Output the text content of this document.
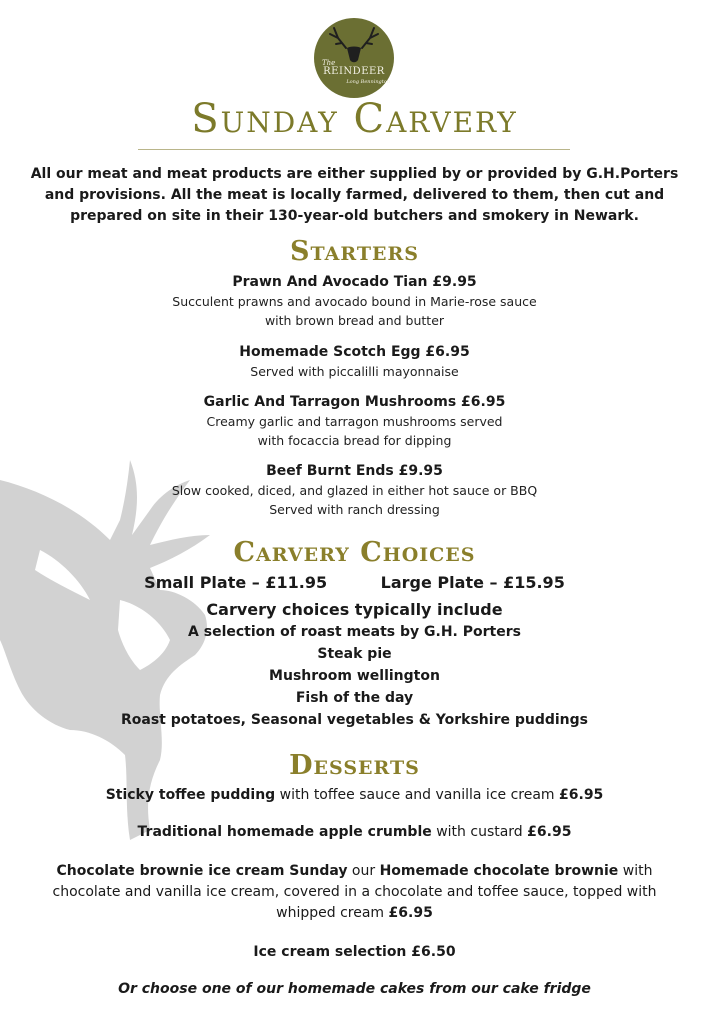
The
REINDEER
Long Bennington
Sunday Carvery
All our meat and meat products are either supplied by or provided by G.H.Porters and provisions. All the meat is locally farmed, delivered to them, then cut and prepared on site in their 130-year-old butchers and smokery in Newark.
Starters
Prawn And Avocado Tian £9.95
Succulent prawns and avocado bound in Marie-rose sauce
with brown bread and butter
Homemade Scotch Egg £6.95
Served with piccalilli mayonnaise
Garlic And Tarragon Mushrooms £6.95
Creamy garlic and tarragon mushrooms served
with focaccia bread for dipping
Beef Burnt Ends £9.95
Slow cooked, diced, and glazed in either hot sauce or BBQ
Served with ranch dressing
Carvery Choices
Small Plate – £11.95	Large Plate – £15.95
Carvery choices typically include
A selection of roast meats by G.H. Porters
Steak pie
Mushroom wellington
Fish of the day
Roast potatoes, Seasonal vegetables & Yorkshire puddings
Desserts
Sticky toffee pudding with toffee sauce and vanilla ice cream £6.95
Traditional homemade apple crumble with custard £6.95
Chocolate brownie ice cream Sunday our Homemade chocolate brownie with chocolate and vanilla ice cream, covered in a chocolate and toffee sauce, topped with whipped cream £6.95
Ice cream selection £6.50
Or choose one of our homemade cakes from our cake fridge
